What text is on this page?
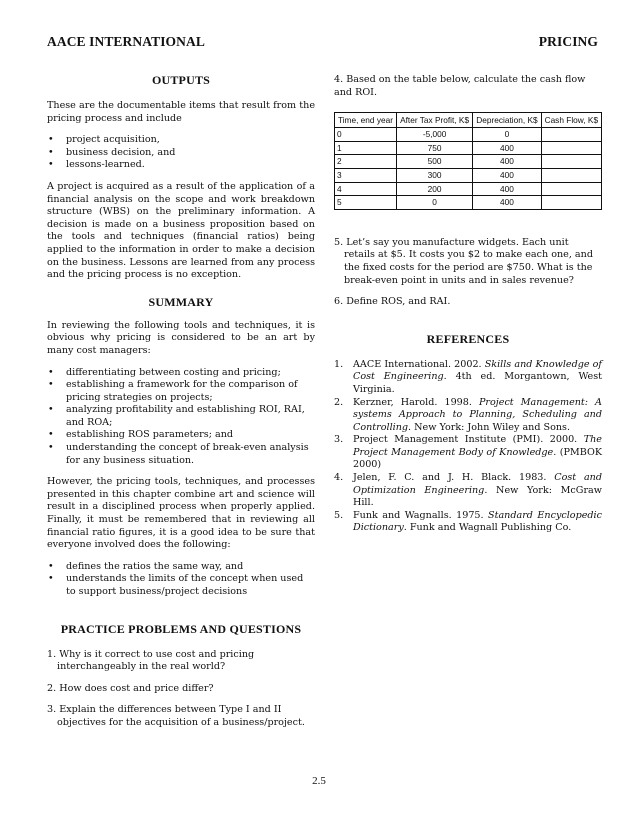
AACE INTERNATIONAL	PRICING
OUTPUTS

These are the documentable items that result from the pricing process and include

• project acquisition,
• business decision, and
• lessons-learned.

A project is acquired as a result of the application of a financial analysis on the scope and work breakdown structure (WBS) on the preliminary information. A decision is made on a business proposition based on the tools and techniques (financial ratios) being applied to the information in order to make a decision on the business. Lessons are learned from any process and the pricing process is no exception.

SUMMARY

In reviewing the following tools and techniques, it is obvious why pricing is considered to be an art by many cost managers:

• differentiating between costing and pricing;
• establishing a framework for the comparison of pricing strategies on projects;
• analyzing profitability and establishing ROI, RAI, and ROA;
• establishing ROS parameters; and
• understanding the concept of break-even analysis for any business situation.

However, the pricing tools, techniques, and processes presented in this chapter combine art and science will result in a disciplined process when properly applied. Finally, it must be remembered that in reviewing all financial ratio figures, it is a good idea to be sure that everyone involved does the following:

• defines the ratios the same way, and
• understands the limits of the concept when used to support business/project decisions
PRACTICE PROBLEMS AND QUESTIONS

1. Why is it correct to use cost and pricing interchangeably in the real world?

2. How does cost and price differ?

3. Explain the differences between Type I and II objectives for the acquisition of a business/project.

4. Based on the table below, calculate the cash flow and ROI.

Time, end year	After Tax Profit, K$	Depreciation, K$	Cash Flow, K$
0	-5,000	0	
1	750	400	
2	500	400	
3	300	400	
4	200	400	
5	0	400	

5. Let’s say you manufacture widgets. Each unit retails at $5. It costs you $2 to make each one, and the fixed costs for the period are $750. What is the break-even point in units and in sales revenue?

6. Define ROS, and RAI.

REFERENCES
1. AACE International. 2002. Skills and Knowledge of Cost Engineering. 4th ed. Morgantown, West Virginia.
2. Kerzner, Harold. 1998. Project Management: A systems Approach to Planning, Scheduling and Controlling. New York: John Wiley and Sons.
3. Project Management Institute (PMI). 2000. The Project Management Body of Knowledge. (PMBOK 2000)
4. Jelen, F. C. and J. H. Black. 1983. Cost and Optimization Engineering. New York: McGraw Hill.
5. Funk and Wagnalls. 1975. Standard Encyclopedic Dictionary. Funk and Wagnall Publishing Co.
2.5
